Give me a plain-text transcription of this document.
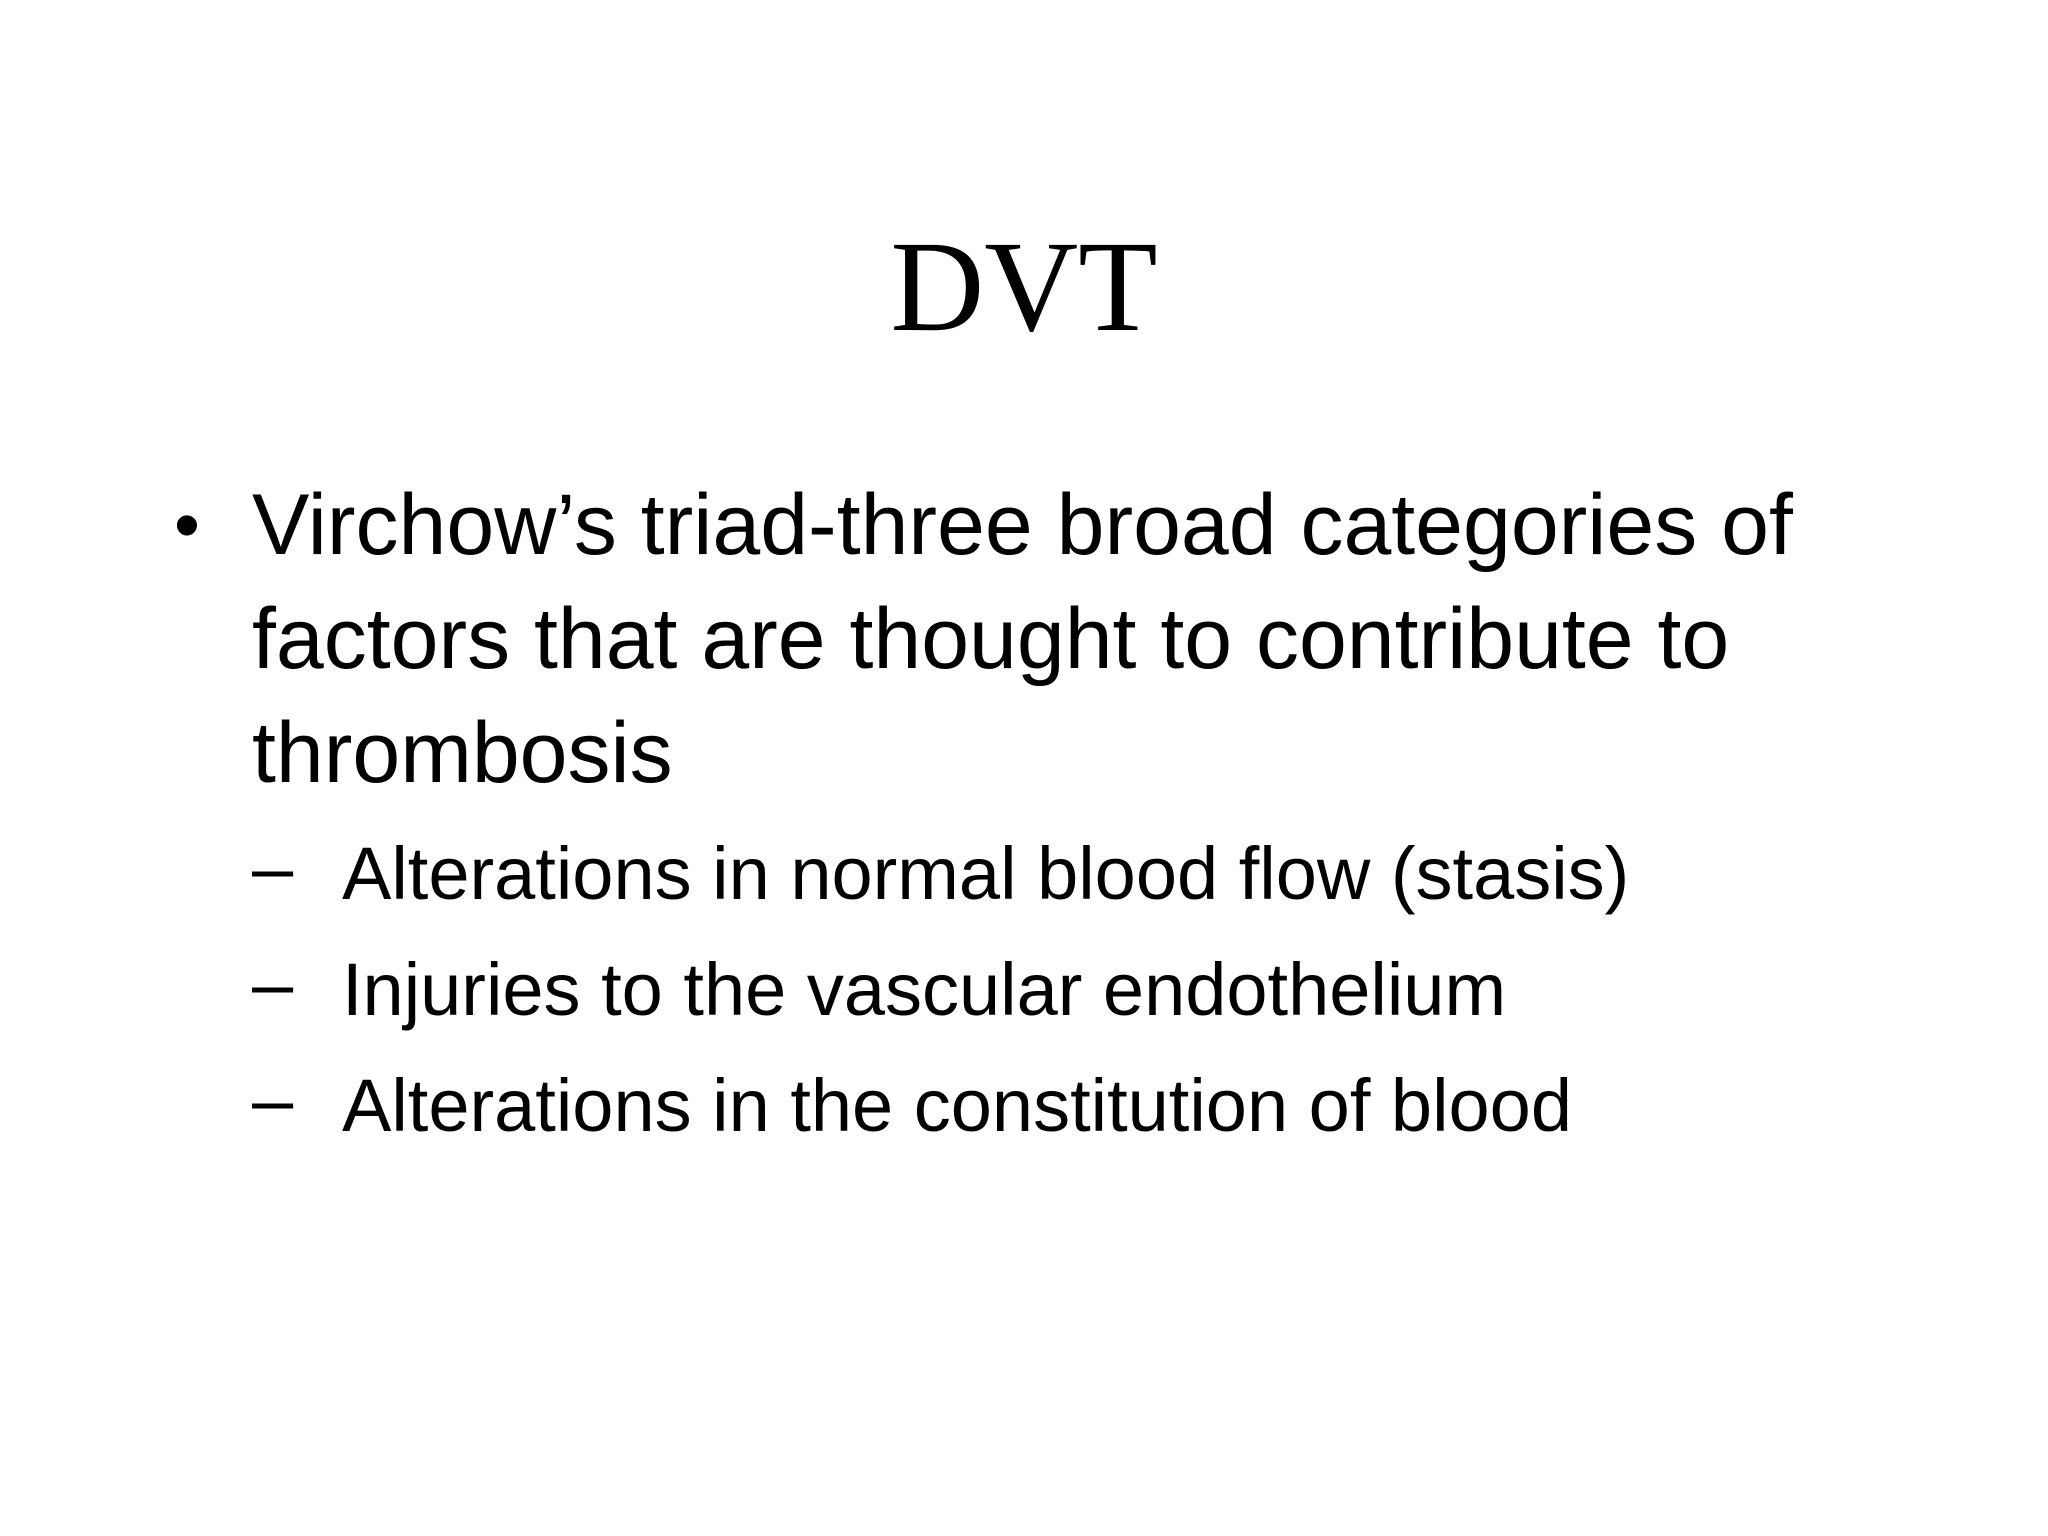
DVT
• Virchow’s triad-three broad categories of factors that are thought to contribute to thrombosis
– Alterations in normal blood flow (stasis)
– Injuries to the vascular endothelium
– Alterations in the constitution of blood
